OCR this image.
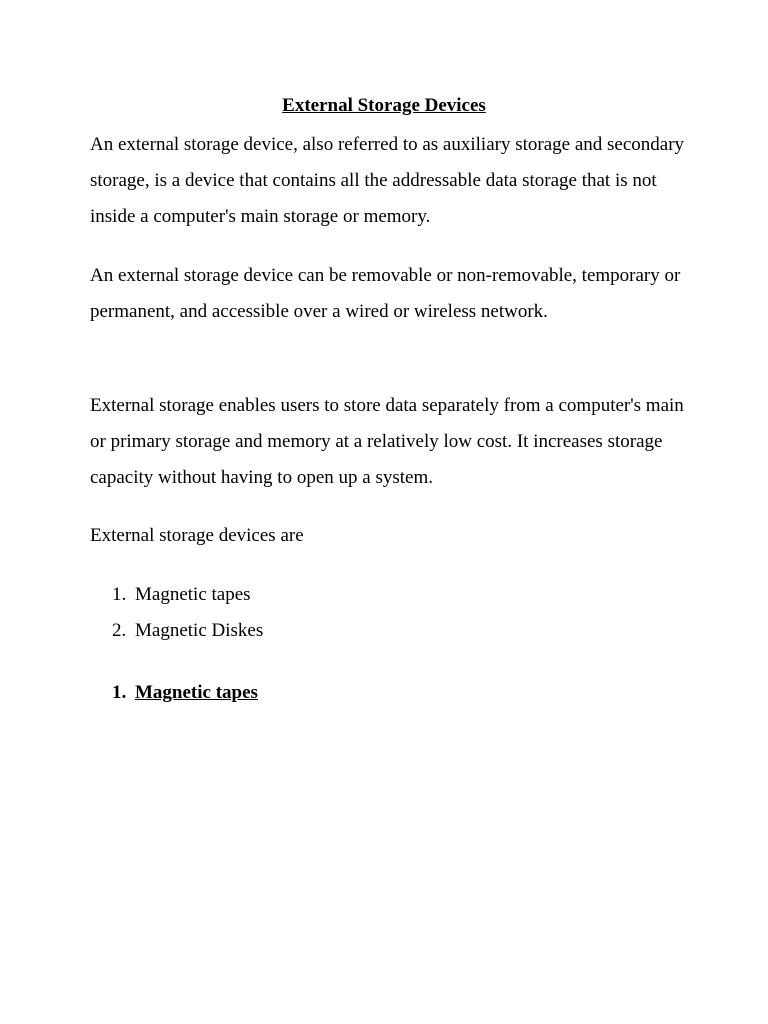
External Storage Devices

An external storage device, also referred to as auxiliary storage and secondary storage, is a device that contains all the addressable data storage that is not inside a computer's main storage or memory.

An external storage device can be removable or non-removable, temporary or permanent, and accessible over a wired or wireless network.

External storage enables users to store data separately from a computer's main or primary storage and memory at a relatively low cost. It increases storage capacity without having to open up a system.

External storage devices are

1. Magnetic tapes
2. Magnetic Diskes
1. Magnetic tapes
